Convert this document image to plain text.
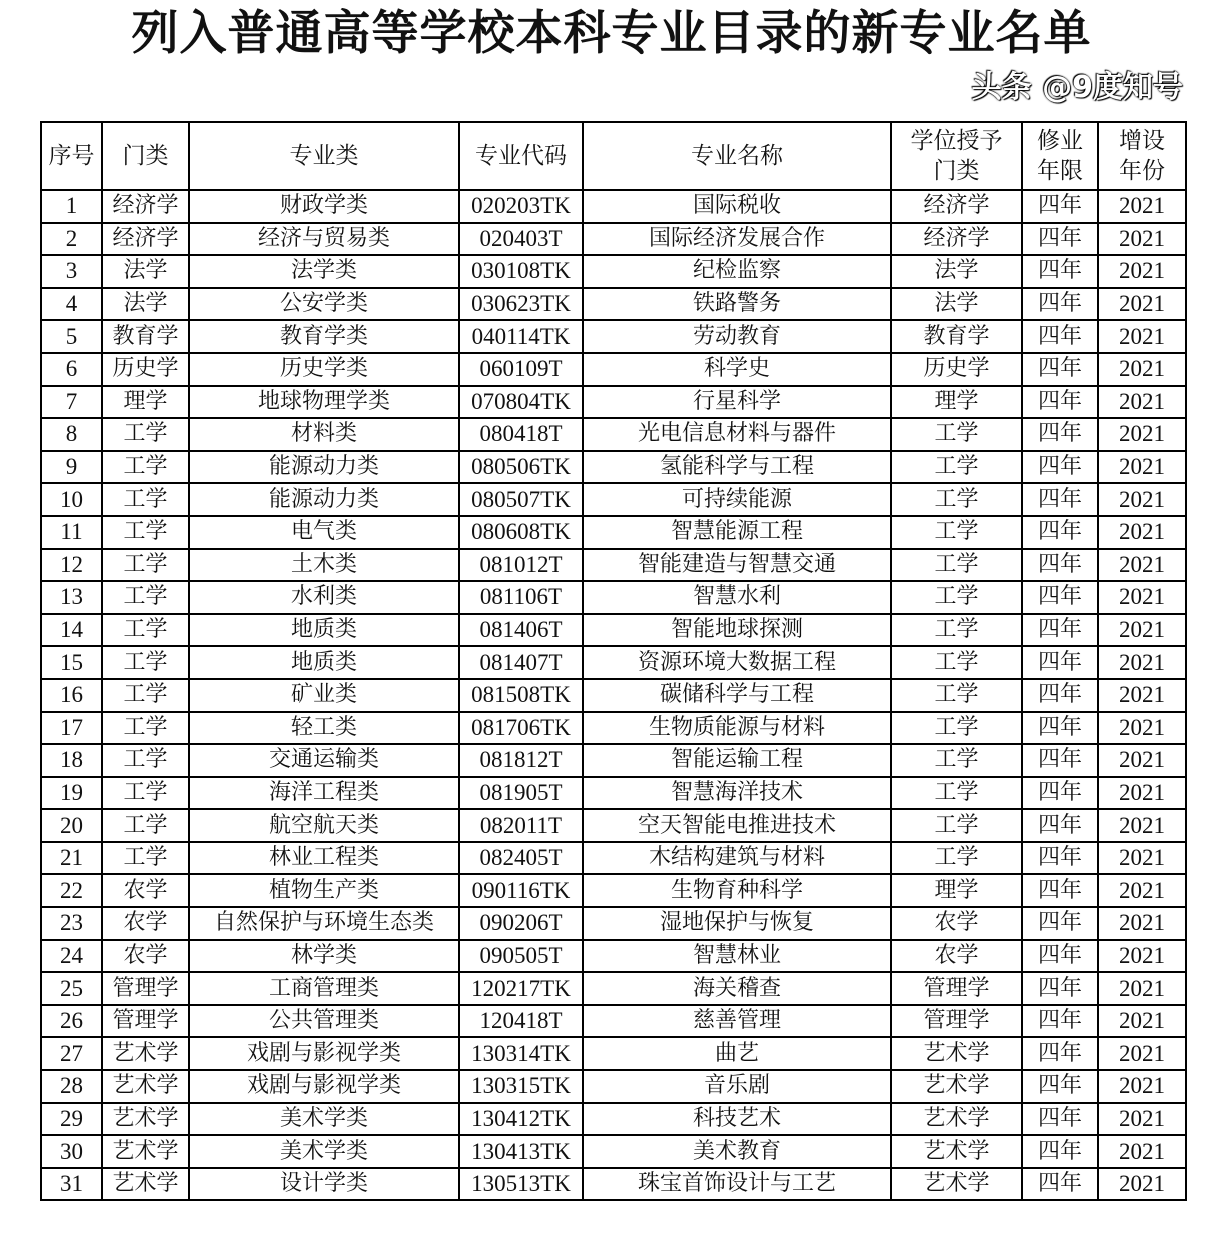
列入普通高等学校本科专业目录的新专业名单
头条 @9度知号
序号	门类	专业类	专业代码	专业名称	学位授予门类	修业年限	增设年份
1	经济学	财政学类	020203TK	国际税收	经济学	四年	2021
2	经济学	经济与贸易类	020403T	国际经济发展合作	经济学	四年	2021
3	法学	法学类	030108TK	纪检监察	法学	四年	2021
4	法学	公安学类	030623TK	铁路警务	法学	四年	2021
5	教育学	教育学类	040114TK	劳动教育	教育学	四年	2021
6	历史学	历史学类	060109T	科学史	历史学	四年	2021
7	理学	地球物理学类	070804TK	行星科学	理学	四年	2021
8	工学	材料类	080418T	光电信息材料与器件	工学	四年	2021
9	工学	能源动力类	080506TK	氢能科学与工程	工学	四年	2021
10	工学	能源动力类	080507TK	可持续能源	工学	四年	2021
11	工学	电气类	080608TK	智慧能源工程	工学	四年	2021
12	工学	土木类	081012T	智能建造与智慧交通	工学	四年	2021
13	工学	水利类	081106T	智慧水利	工学	四年	2021
14	工学	地质类	081406T	智能地球探测	工学	四年	2021
15	工学	地质类	081407T	资源环境大数据工程	工学	四年	2021
16	工学	矿业类	081508TK	碳储科学与工程	工学	四年	2021
17	工学	轻工类	081706TK	生物质能源与材料	工学	四年	2021
18	工学	交通运输类	081812T	智能运输工程	工学	四年	2021
19	工学	海洋工程类	081905T	智慧海洋技术	工学	四年	2021
20	工学	航空航天类	082011T	空天智能电推进技术	工学	四年	2021
21	工学	林业工程类	082405T	木结构建筑与材料	工学	四年	2021
22	农学	植物生产类	090116TK	生物育种科学	理学	四年	2021
23	农学	自然保护与环境生态类	090206T	湿地保护与恢复	农学	四年	2021
24	农学	林学类	090505T	智慧林业	农学	四年	2021
25	管理学	工商管理类	120217TK	海关稽查	管理学	四年	2021
26	管理学	公共管理类	120418T	慈善管理	管理学	四年	2021
27	艺术学	戏剧与影视学类	130314TK	曲艺	艺术学	四年	2021
28	艺术学	戏剧与影视学类	130315TK	音乐剧	艺术学	四年	2021
29	艺术学	美术学类	130412TK	科技艺术	艺术学	四年	2021
30	艺术学	美术学类	130413TK	美术教育	艺术学	四年	2021
31	艺术学	设计学类	130513TK	珠宝首饰设计与工艺	艺术学	四年	2021
